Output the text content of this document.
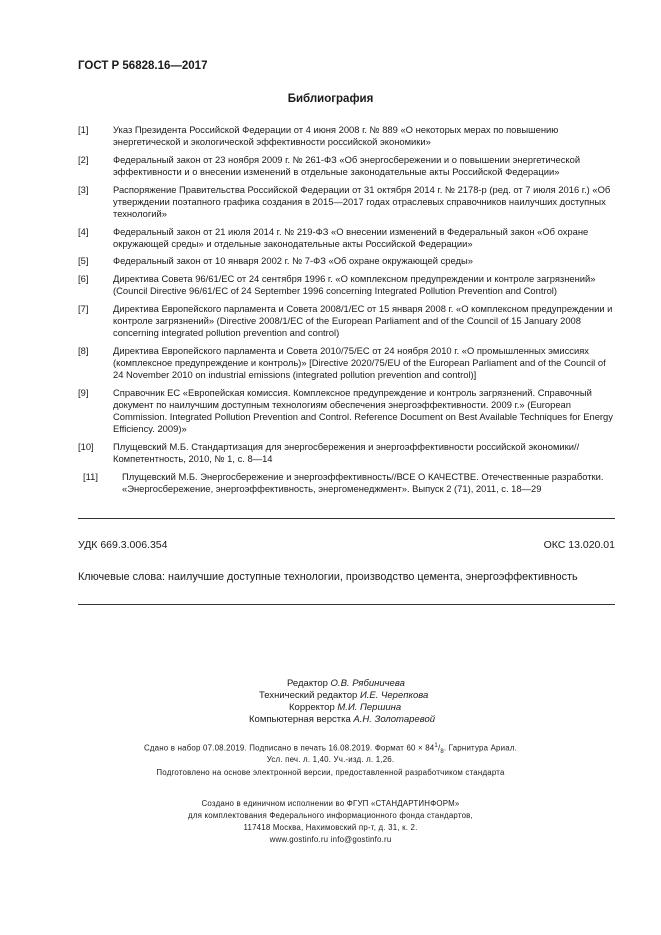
ГОСТ Р 56828.16—2017
Библиография
[1]	Указ Президента Российской Федерации от 4 июня 2008 г. № 889 «О некоторых мерах по повышению энергетической и экологической эффективности российской экономики»
[2]	Федеральный закон от 23 ноября 2009 г. № 261-ФЗ «Об энергосбережении и о повышении энергетической эффективности и о внесении изменений в отдельные законодательные акты Российской Федерации»
[3]	Распоряжение Правительства Российской Федерации от 31 октября 2014 г. № 2178-р (ред. от 7 июля 2016 г.) «Об утверждении поэтапного графика создания в 2015—2017 годах отраслевых справочников наилучших доступных технологий»
[4]	Федеральный закон от 21 июля 2014 г. № 219-ФЗ «О внесении изменений в Федеральный закон «Об охране окружающей среды» и отдельные законодательные акты Российской Федерации»
[5]	Федеральный закон от 10 января 2002 г. № 7-ФЗ «Об охране окружающей среды»
[6]	Директива Совета 96/61/ЕС от 24 сентября 1996 г. «О комплексном предупреждении и контроле загрязнений» (Council Directive 96/61/EC of 24 September 1996 concerning Integrated Pollution Prevention and Control)
[7]	Директива Европейского парламента и Совета 2008/1/ЕС от 15 января 2008 г. «О комплексном предупреждении и контроле загрязнений» (Directive 2008/1/EC of the European Parliament and of the Council of 15 January 2008 concerning integrated pollution prevention and control)
[8]	Директива Европейского парламента и Совета 2010/75/ЕС от 24 ноября 2010 г. «О промышленных эмиссиях (комплексное предупреждение и контроль)» [Directive 2020/75/EU of the European Parliament and of the Council of 24 November 2010 on industrial emissions (integrated pollution prevention and control)]
[9]	Справочник ЕС «Европейская комиссия. Комплексное предупреждение и контроль загрязнений. Справочный документ по наилучшим доступным технологиям обеспечения энергоэффективности. 2009 г.» (European Commission. Integrated Pollution Prevention and Control. Reference Document on Best Available Techniques for Energy Efficiency. 2009)»
[10] Плущевский М.Б. Стандартизация для энергосбережения и энергоэффективности российской экономики// Компетентность, 2010, № 1, с. 8—14
[11]	Плущевский М.Б. Энергосбережение и энергоэффективность//ВСЕ О КАЧЕСТВЕ. Отечественные разработки. «Энергосбережение, энергоэффективность, энергоменеджмент». Выпуск 2 (71), 2011, с. 18—29
УДК 669.3.006.354	ОКС 13.020.01
Ключевые слова: наилучшие доступные технологии, производство цемента, энергоэффективность
Редактор О.В. Рябиничева
Технический редактор И.Е. Черепкова
Корректор М.И. Першина
Компьютерная верстка А.Н. Золотаревой
Сдано в набор 07.08.2019. Подписано в печать 16.08.2019. Формат $60 \times 84^1/_8$. Гарнитура Ариал.
Усл. печ. л. 1,40. Уч.-изд. л. 1,26.
Подготовлено на основе электронной версии, предоставленной разработчиком стандарта
Создано в единичном исполнении во ФГУП «СТАНДАРТИНФОРМ»
для комплектования Федерального информационного фонда стандартов,
117418 Москва, Нахимовский пр-т, д. 31, к. 2.
www.gostinfo.ru info@gostinfo.ru
